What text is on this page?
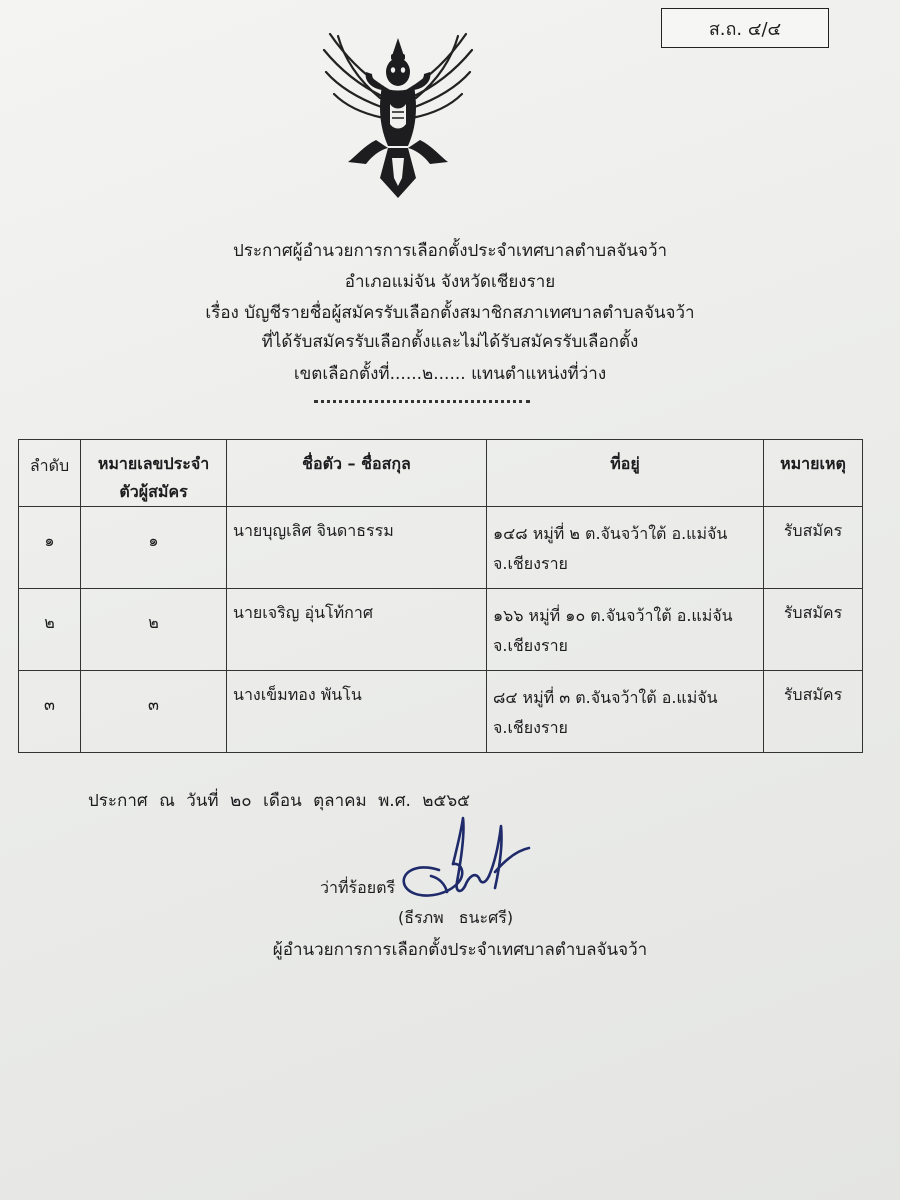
ส.ถ. ๔/๔
ประกาศผู้อำนวยการการเลือกตั้งประจำเทศบาลตำบลจันจว้า
อำเภอแม่จัน จังหวัดเชียงราย
เรื่อง บัญชีรายชื่อผู้สมัครรับเลือกตั้งสมาชิกสภาเทศบาลตำบลจันจว้า
ที่ได้รับสมัครรับเลือกตั้งและไม่ได้รับสมัครรับเลือกตั้ง
เขตเลือกตั้งที่......๒...... แทนตำแหน่งที่ว่าง
ลำดับ	หมายเลขประจำตัวผู้สมัคร	ชื่อตัว – ชื่อสกุล	ที่อยู่	หมายเหตุ
๑	๑	นายบุญเลิศ จินดาธรรม	๑๔๘ หมู่ที่ ๒ ต.จันจว้าใต้ อ.แม่จัน
จ.เชียงราย	รับสมัคร
๒	๒	นายเจริญ อุ่นโท้กาศ	๑๖๖ หมู่ที่ ๑๐ ต.จันจว้าใต้ อ.แม่จัน
จ.เชียงราย	รับสมัคร
๓	๓	นางเข็มทอง พันโน	๘๔ หมู่ที่ ๓ ต.จันจว้าใต้ อ.แม่จัน
จ.เชียงราย	รับสมัคร
ประกาศ ณ วันที่ ๒๐ เดือน ตุลาคม พ.ศ. ๒๕๖๕
ว่าที่ร้อยตรี
(ธีรภพ ธนะศรี)
ผู้อำนวยการการเลือกตั้งประจำเทศบาลตำบลจันจว้า
